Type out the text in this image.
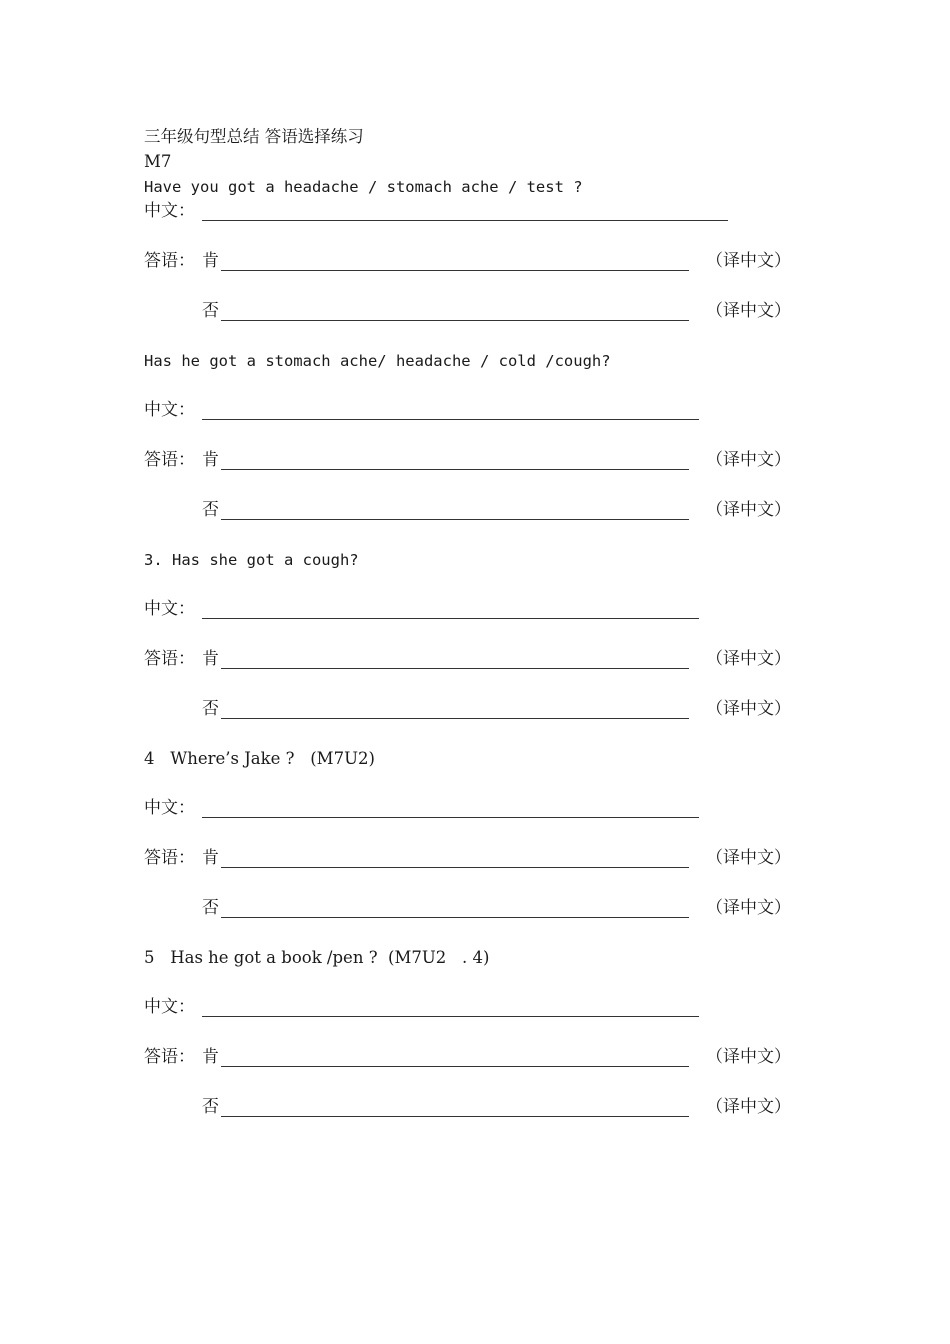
三年级句型总结 答语选择练习
M7
Have you got a headache / stomach ache / test ?
中文：
答语： 肯	（译中文）
否	（译中文）
Has he got a stomach ache/ headache / cold /cough?
中文：
答语： 肯	（译中文）
否	（译中文）
3. Has she got a cough?
中文：
答语： 肯	（译中文）
否	（译中文）
4   Where’s Jake ?   (M7U2)
中文：
答语： 肯	（译中文）
否	（译中文）
5   Has he got a book /pen ?  (M7U2   . 4)
中文：
答语： 肯	（译中文）
否	（译中文）
